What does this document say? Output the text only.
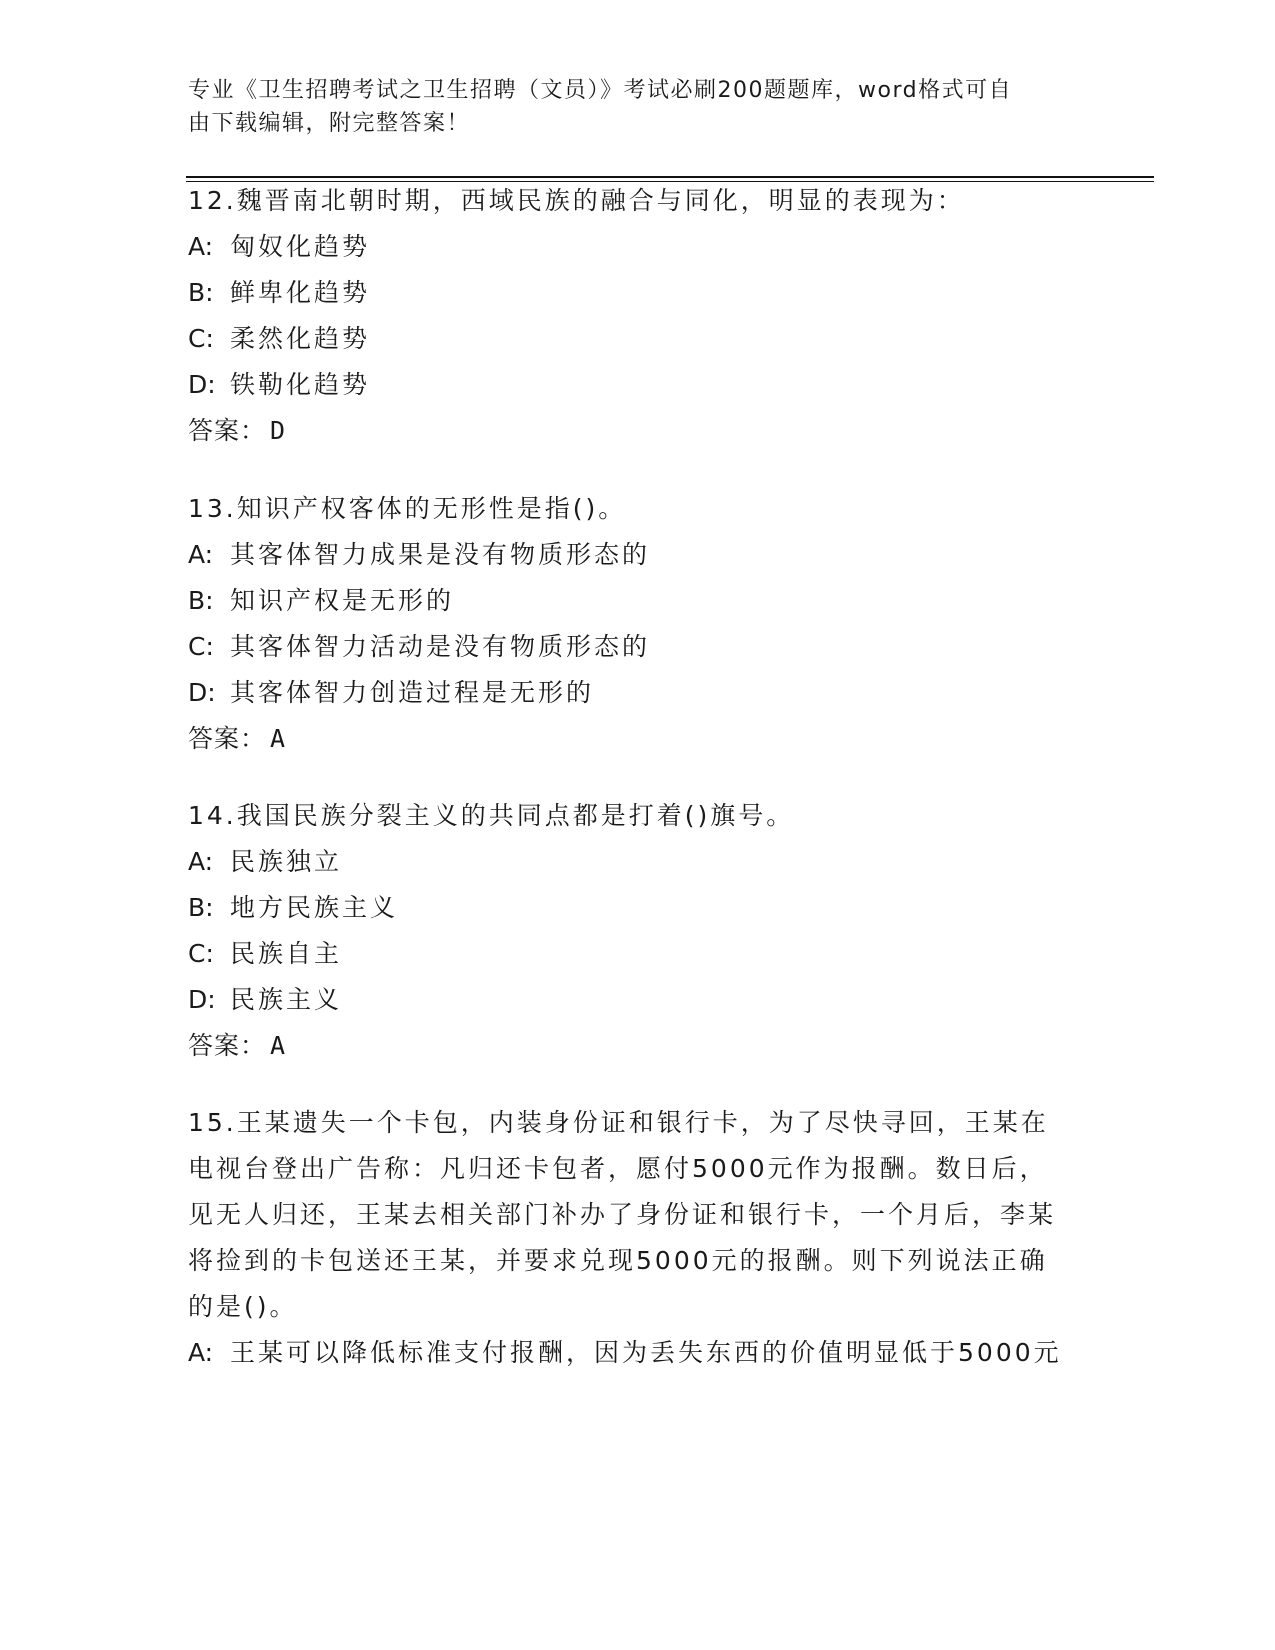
专业《卫生招聘考试之卫生招聘（文员）》考试必刷200题题库，word格式可自
由下载编辑，附完整答案！
12.魏晋南北朝时期，西域民族的融合与同化，明显的表现为：
A: 匈奴化趋势
B: 鲜卑化趋势
C: 柔然化趋势
D: 铁勒化趋势
答案： D
13.知识产权客体的无形性是指()。
A: 其客体智力成果是没有物质形态的
B: 知识产权是无形的
C: 其客体智力活动是没有物质形态的
D: 其客体智力创造过程是无形的
答案： A
14.我国民族分裂主义的共同点都是打着()旗号。
A: 民族独立
B: 地方民族主义
C: 民族自主
D: 民族主义
答案： A
15.王某遗失一个卡包，内装身份证和银行卡，为了尽快寻回，王某在电视台登出广告称：凡归还卡包者，愿付5000元作为报酬。数日后，见无人归还，王某去相关部门补办了身份证和银行卡，一个月后，李某将捡到的卡包送还王某，并要求兑现5000元的报酬。则下列说法正确的是()。
A: 王某可以降低标准支付报酬，因为丢失东西的价值明显低于5000元
